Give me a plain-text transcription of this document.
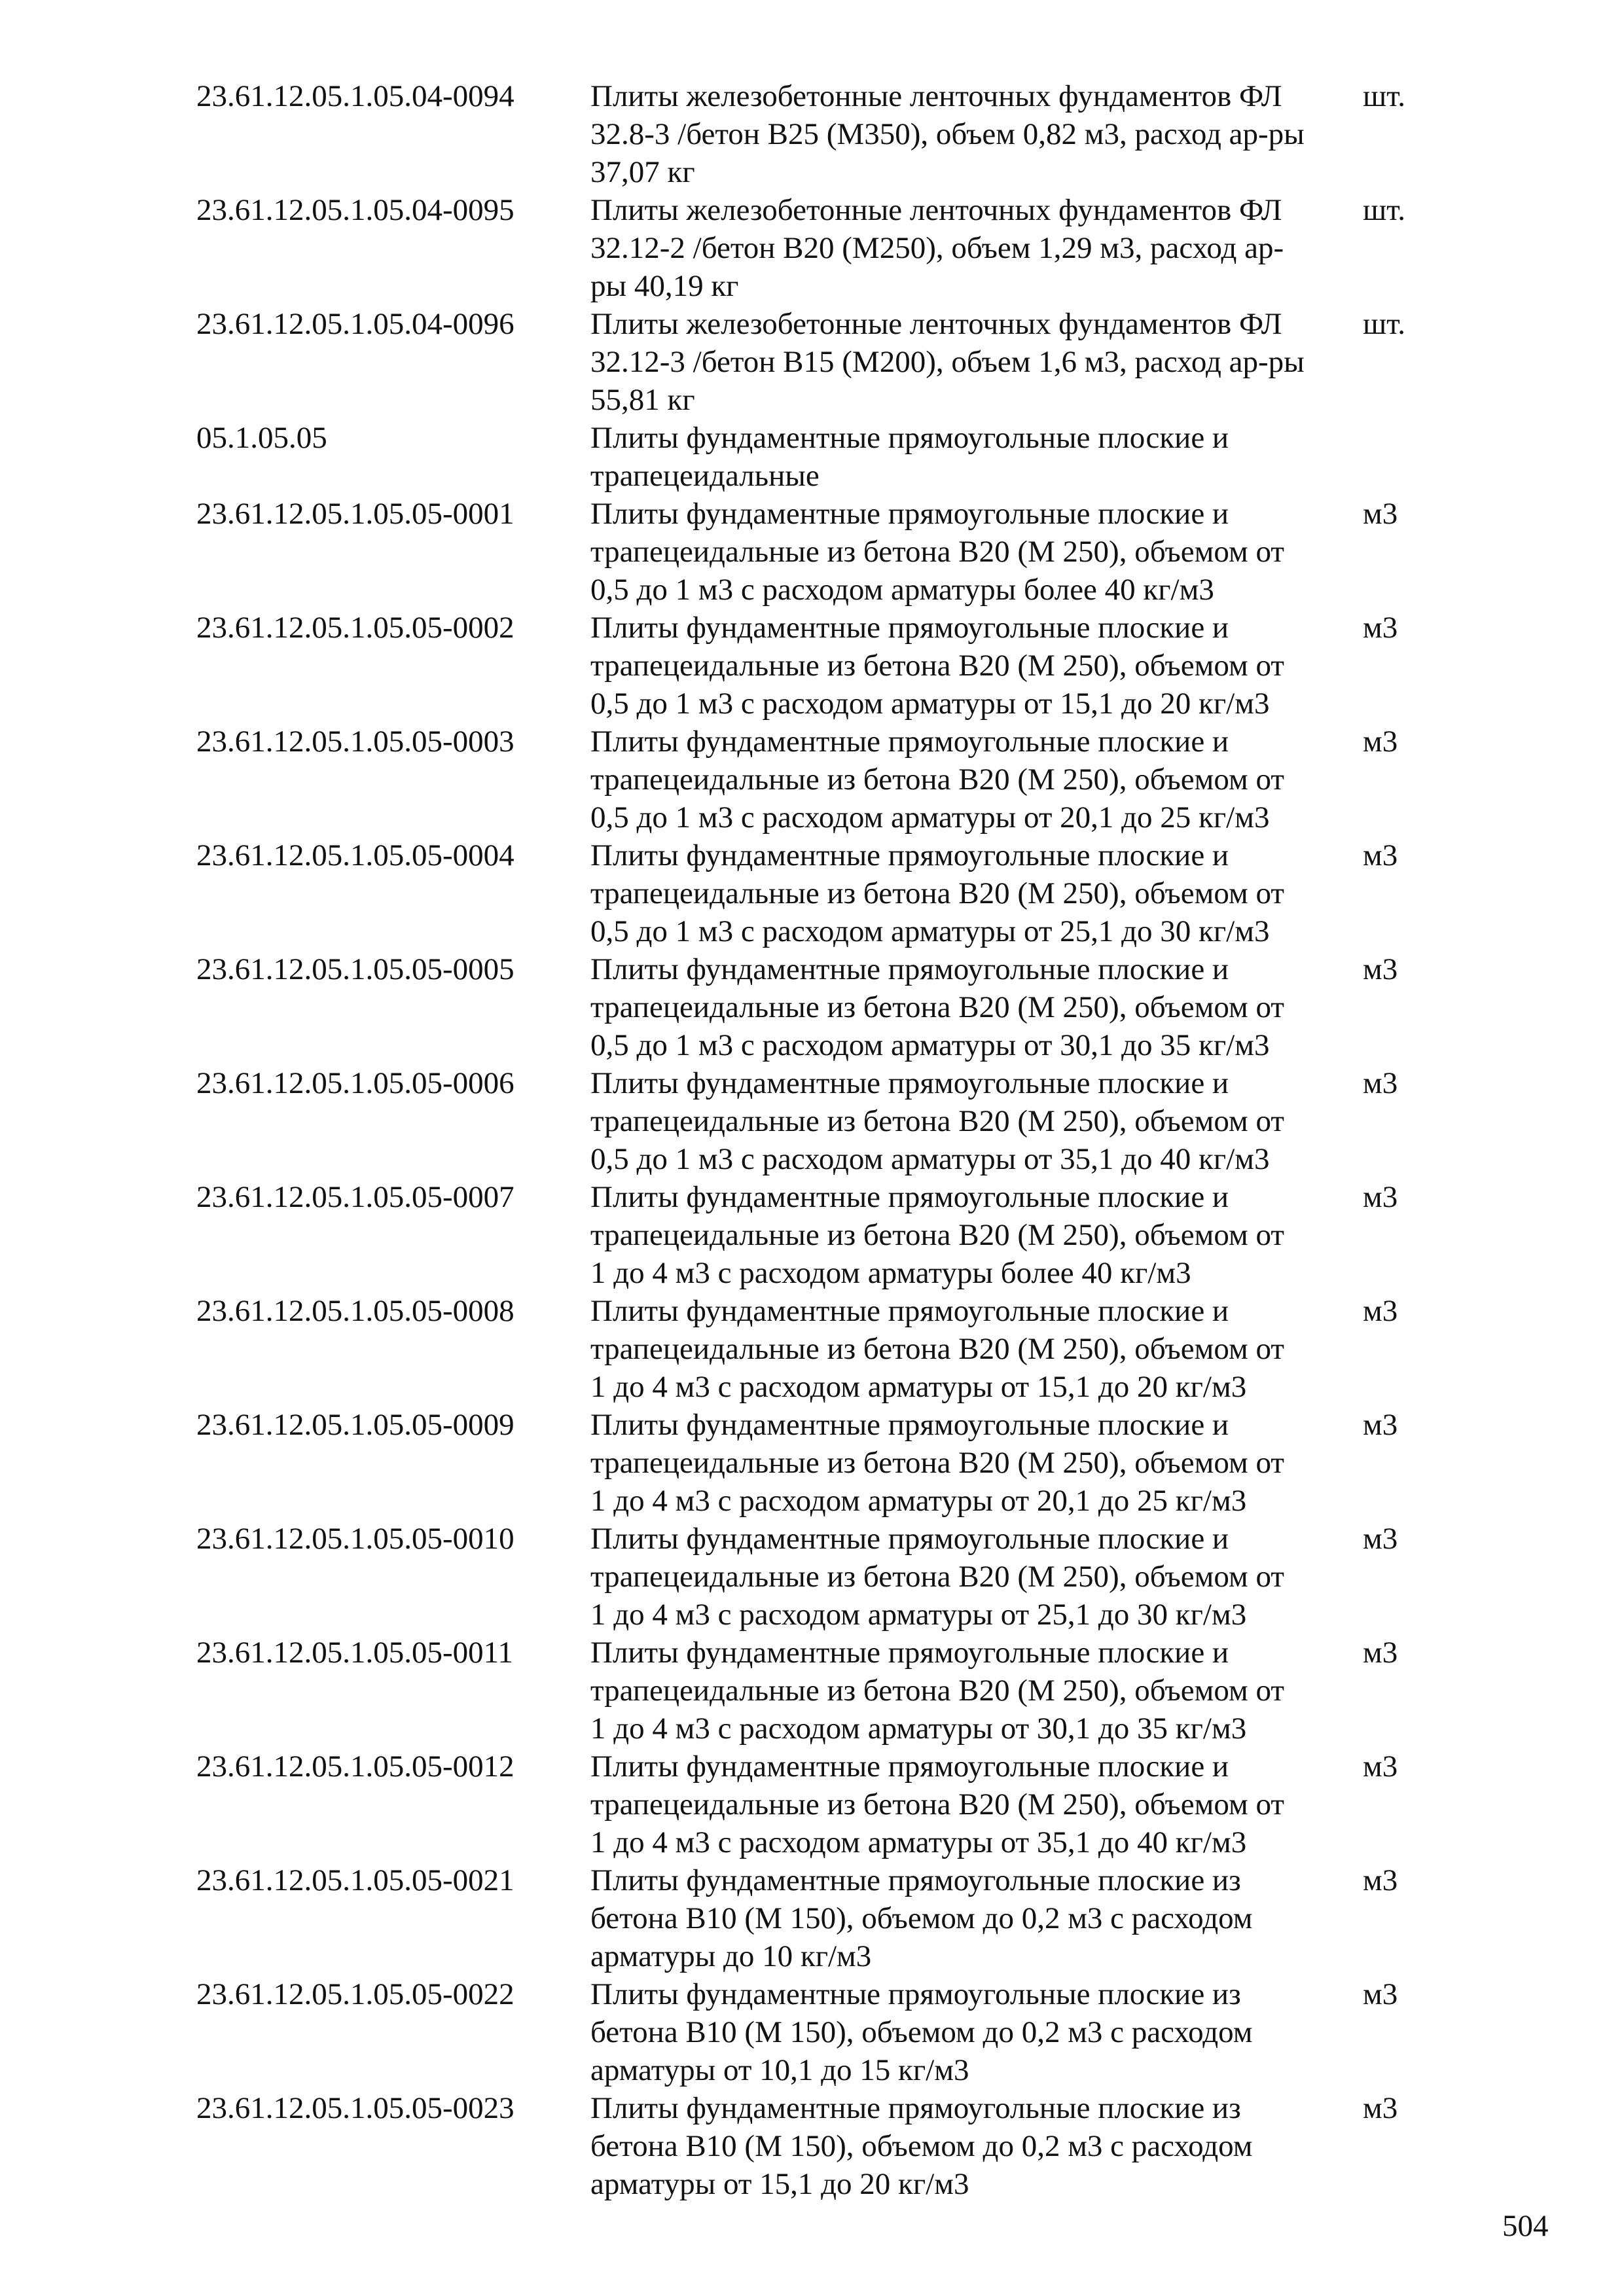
23.61.12.05.1.05.04-0094	Плиты железобетонные ленточных фундаментов ФЛ
32.8-3 /бетон В25 (М350), объем 0,82 м3, расход ар-ры
37,07 кг
шт.
23.61.12.05.1.05.04-0095	Плиты железобетонные ленточных фундаментов ФЛ
32.12-2 /бетон В20 (М250), объем 1,29 м3, расход ар-
ры 40,19 кг
шт.
23.61.12.05.1.05.04-0096	Плиты железобетонные ленточных фундаментов ФЛ
32.12-3 /бетон В15 (М200), объем 1,6 м3, расход ар-ры
55,81 кг
шт.
05.1.05.05	Плиты фундаментные прямоугольные плоские и
трапецеидальные
23.61.12.05.1.05.05-0001	Плиты фундаментные прямоугольные плоские и
трапецеидальные из бетона В20 (М 250), объемом от
0,5 до 1 м3 с расходом арматуры более 40 кг/м3
м3
23.61.12.05.1.05.05-0002	Плиты фундаментные прямоугольные плоские и
трапецеидальные из бетона В20 (М 250), объемом от
0,5 до 1 м3 с расходом арматуры от 15,1 до 20 кг/м3
м3
23.61.12.05.1.05.05-0003	Плиты фундаментные прямоугольные плоские и
трапецеидальные из бетона В20 (М 250), объемом от
0,5 до 1 м3 с расходом арматуры от 20,1 до 25 кг/м3
м3
23.61.12.05.1.05.05-0004	Плиты фундаментные прямоугольные плоские и
трапецеидальные из бетона В20 (М 250), объемом от
0,5 до 1 м3 с расходом арматуры от 25,1 до 30 кг/м3
м3
23.61.12.05.1.05.05-0005	Плиты фундаментные прямоугольные плоские и
трапецеидальные из бетона В20 (М 250), объемом от
0,5 до 1 м3 с расходом арматуры от 30,1 до 35 кг/м3
м3
23.61.12.05.1.05.05-0006	Плиты фундаментные прямоугольные плоские и
трапецеидальные из бетона В20 (М 250), объемом от
0,5 до 1 м3 с расходом арматуры от 35,1 до 40 кг/м3
м3
23.61.12.05.1.05.05-0007	Плиты фундаментные прямоугольные плоские и
трапецеидальные из бетона В20 (М 250), объемом от
1 до 4 м3 с расходом арматуры более 40 кг/м3
м3
23.61.12.05.1.05.05-0008	Плиты фундаментные прямоугольные плоские и
трапецеидальные из бетона В20 (М 250), объемом от
1 до 4 м3 с расходом арматуры от 15,1 до 20 кг/м3
м3
23.61.12.05.1.05.05-0009	Плиты фундаментные прямоугольные плоские и
трапецеидальные из бетона В20 (М 250), объемом от
1 до 4 м3 с расходом арматуры от 20,1 до 25 кг/м3
м3
23.61.12.05.1.05.05-0010	Плиты фундаментные прямоугольные плоские и
трапецеидальные из бетона В20 (М 250), объемом от
1 до 4 м3 с расходом арматуры от 25,1 до 30 кг/м3
м3
23.61.12.05.1.05.05-0011	Плиты фундаментные прямоугольные плоские и
трапецеидальные из бетона В20 (М 250), объемом от
1 до 4 м3 с расходом арматуры от 30,1 до 35 кг/м3
м3
23.61.12.05.1.05.05-0012	Плиты фундаментные прямоугольные плоские и
трапецеидальные из бетона В20 (М 250), объемом от
1 до 4 м3 с расходом арматуры от 35,1 до 40 кг/м3
м3
23.61.12.05.1.05.05-0021	Плиты фундаментные прямоугольные плоские из
бетона В10 (М 150), объемом до 0,2 м3 с расходом
арматуры до 10 кг/м3
м3
23.61.12.05.1.05.05-0022	Плиты фундаментные прямоугольные плоские из
бетона В10 (М 150), объемом до 0,2 м3 с расходом
арматуры от 10,1 до 15 кг/м3
м3
23.61.12.05.1.05.05-0023	Плиты фундаментные прямоугольные плоские из
бетона В10 (М 150), объемом до 0,2 м3 с расходом
арматуры от 15,1 до 20 кг/м3
м3
504
